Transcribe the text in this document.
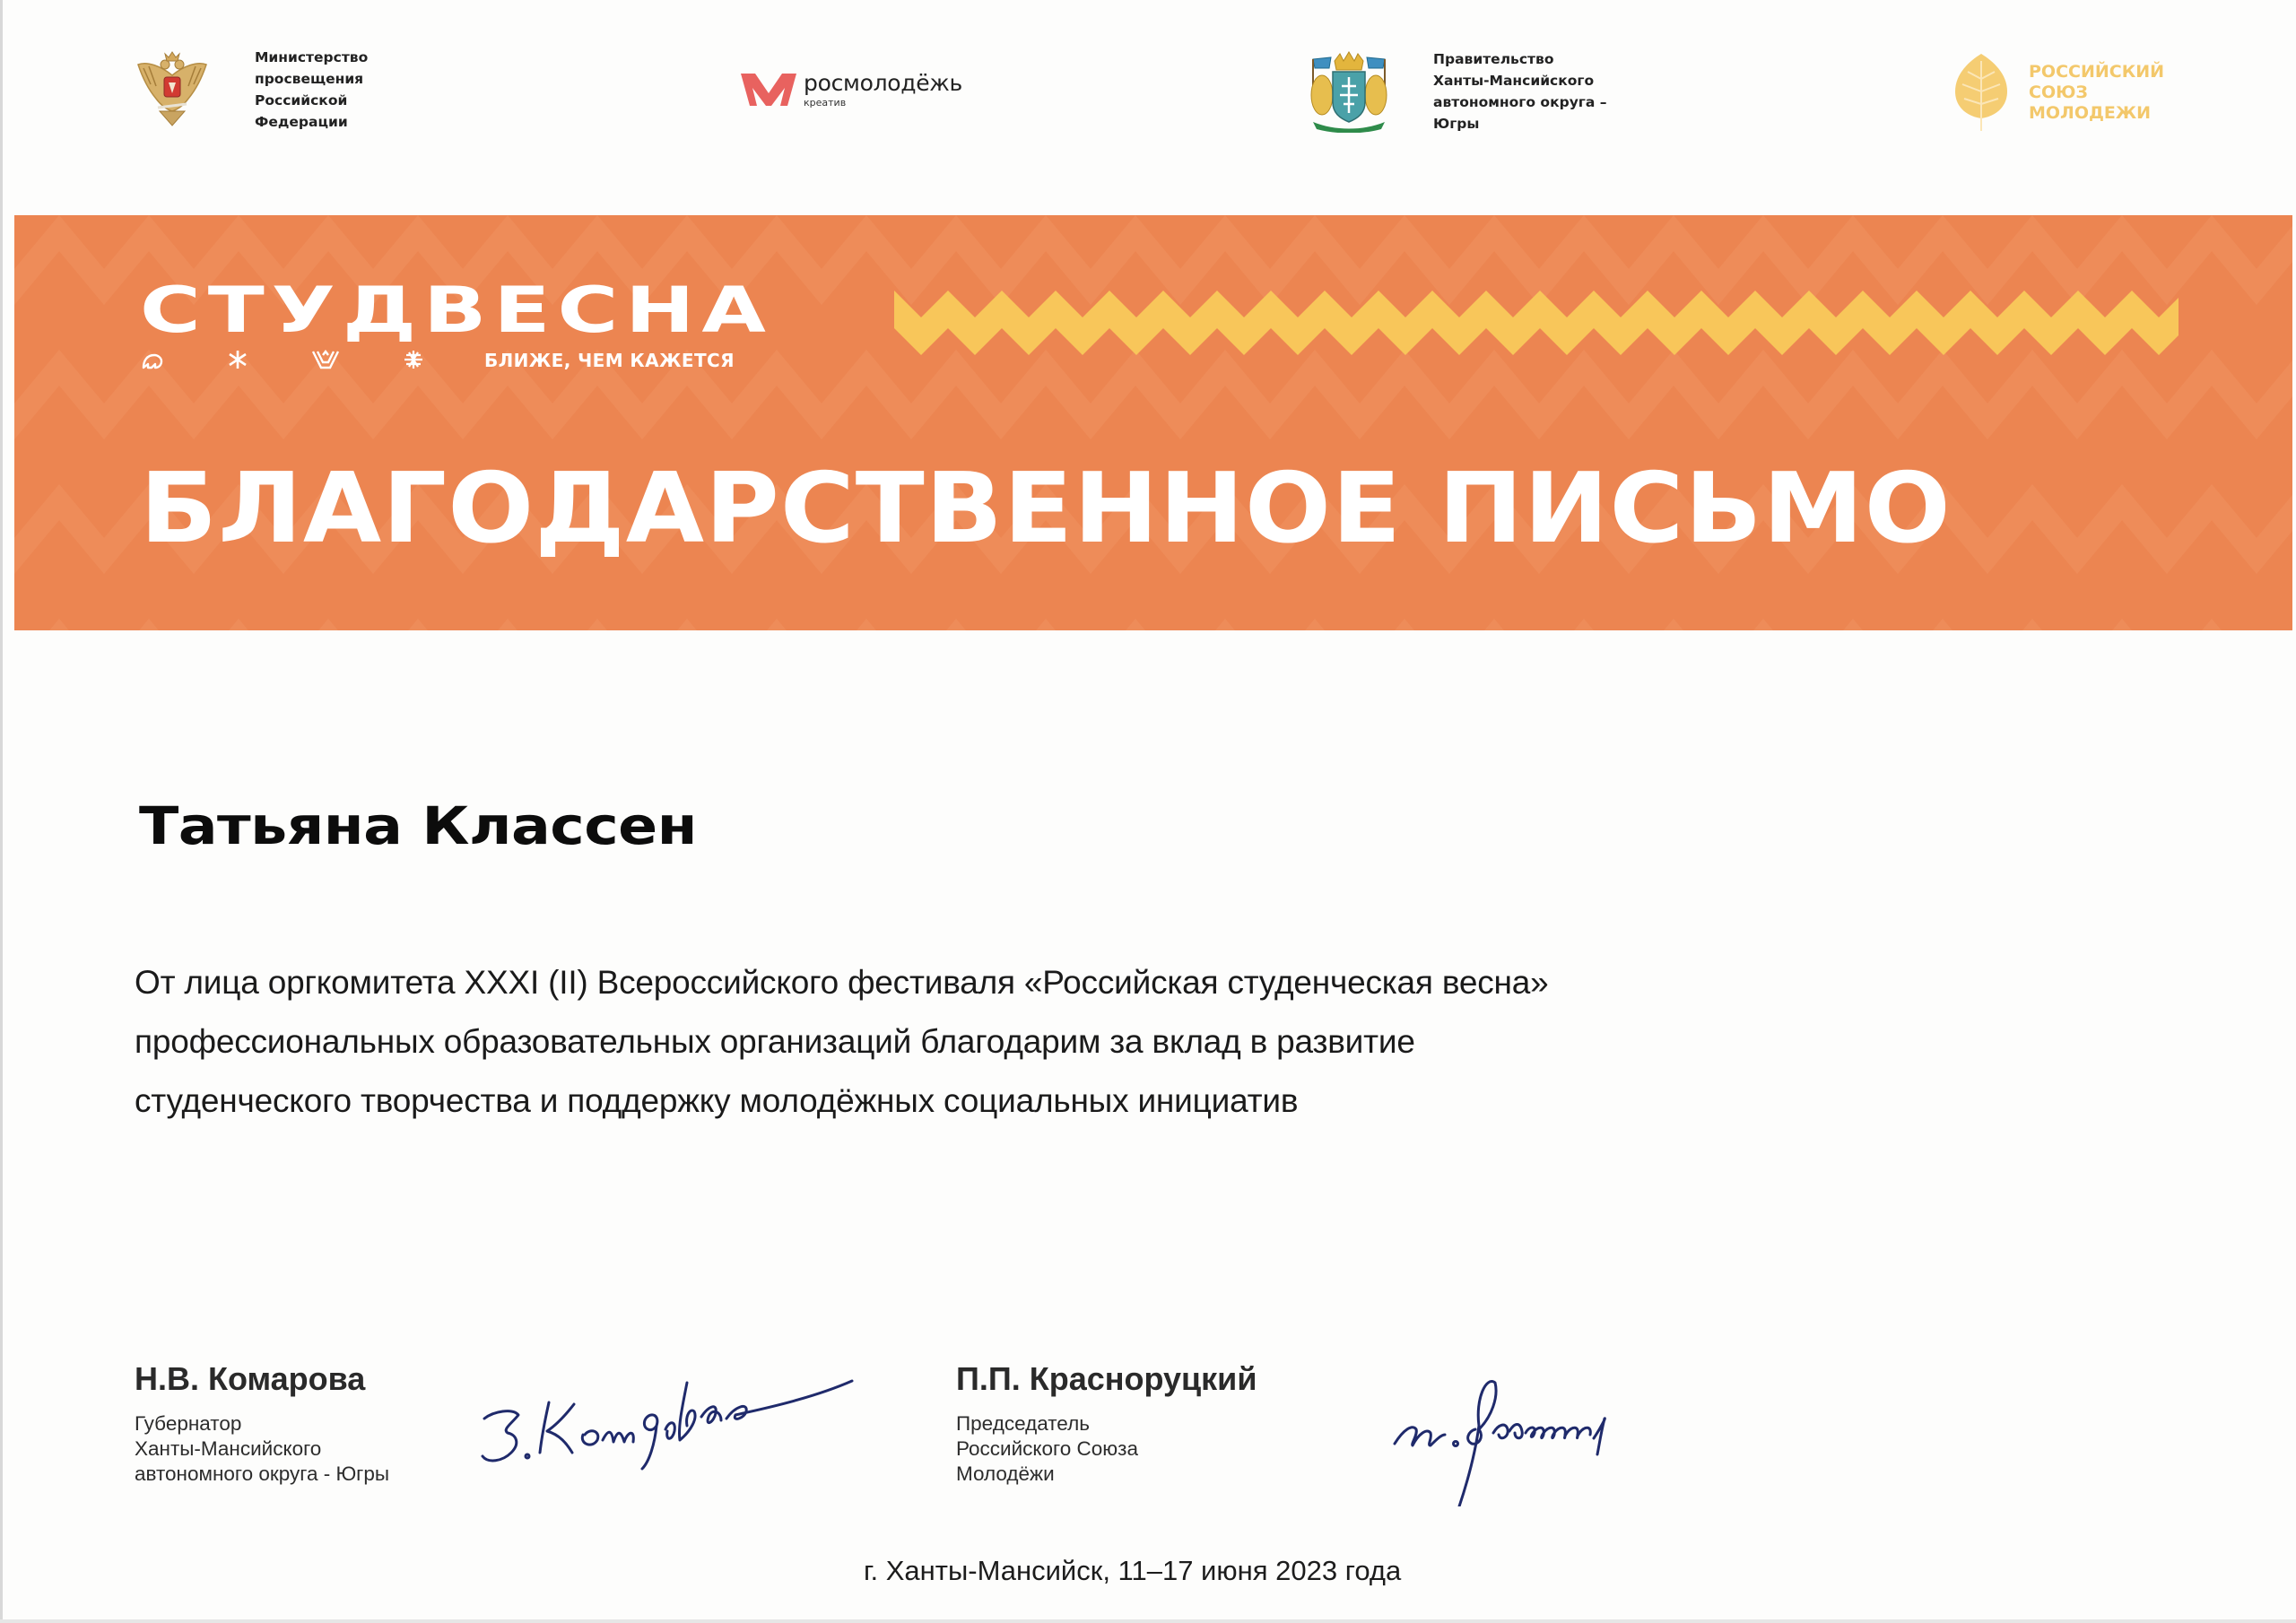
Министерство
просвещения
Российской
Федерации
росмолодёжь
креатив
Правительство
Ханты-Мансийского
автономного округа –
Югры
РОССИЙСКИЙ
СОЮЗ
МОЛОДЕЖИ
СТУДВЕСНА
БЛИЖЕ, ЧЕМ КАЖЕТСЯ
БЛАГОДАРСТВЕННОЕ ПИСЬМО
Татьяна Классен
От лица оргкомитета XXXI (II) Всероссийского фестиваля «Российская студенческая весна»
профессиональных образовательных организаций благодарим за вклад в развитие
студенческого творчества и поддержку молодёжных социальных инициатив
Н.В. Комарова
Губернатор
Ханты-Мансийского
автономного округа - Югры
П.П. Красноруцкий
Председатель
Российского Союза
Молодёжи
г. Ханты-Мансийск, 11–17 июня 2023 года
